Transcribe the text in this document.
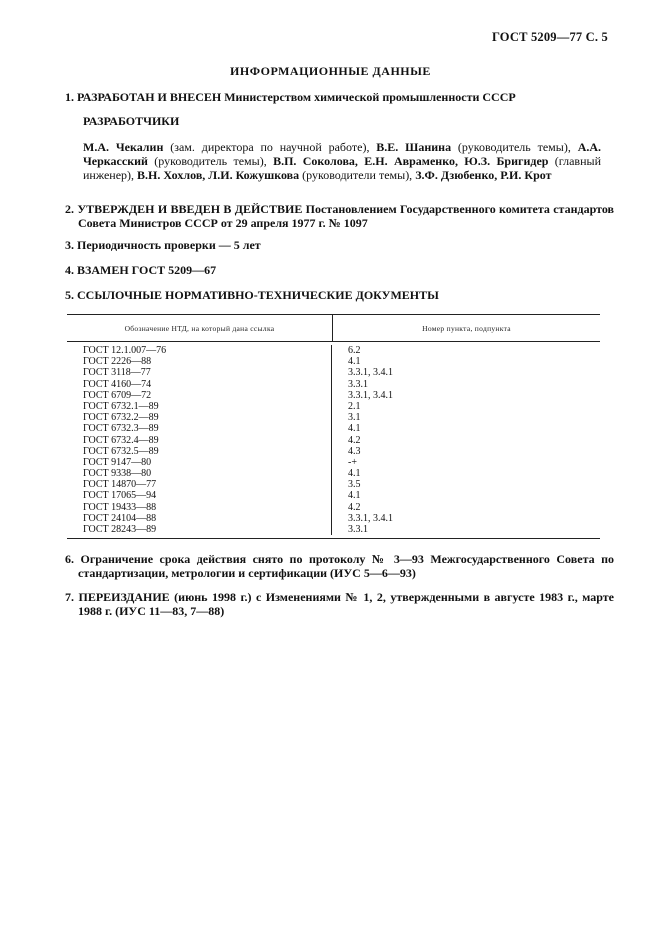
ГОСТ 5209—77 С. 5
ИНФОРМАЦИОННЫЕ ДАННЫЕ
1. РАЗРАБОТАН И ВНЕСЕН Министерством химической промышленности СССР
РАЗРАБОТЧИКИ
М.А. Чекалин (зам. директора по научной работе), В.Е. Шанина (руководитель темы), А.А. Черкасский (руководитель темы), В.П. Соколова, Е.Н. Авраменко, Ю.З. Бригидер (главный инженер), В.Н. Хохлов, Л.И. Кожушкова (руководители темы), З.Ф. Дзюбенко, Р.И. Крот
2. УТВЕРЖДЕН И ВВЕДЕН В ДЕЙСТВИЕ Постановлением Государственного комитета стандартов Совета Министров СССР от 29 апреля 1977 г. № 1097
3. Периодичность проверки — 5 лет
4. ВЗАМЕН ГОСТ 5209—67
5. ССЫЛОЧНЫЕ НОРМАТИВНО-ТЕХНИЧЕСКИЕ ДОКУМЕНТЫ
Обозначение НТД, на который дана ссылка	Номер пункта, подпункта
ГОСТ 12.1.007—76
ГОСТ 2226—88
ГОСТ 3118—77
ГОСТ 4160—74
ГОСТ 6709—72
ГОСТ 6732.1—89
ГОСТ 6732.2—89
ГОСТ 6732.3—89
ГОСТ 6732.4—89
ГОСТ 6732.5—89
ГОСТ 9147—80
ГОСТ 9338—80
ГОСТ 14870—77
ГОСТ 17065—94
ГОСТ 19433—88
ГОСТ 24104—88
ГОСТ 28243—89
6.2
4.1
3.3.1, 3.4.1
3.3.1
3.3.1, 3.4.1
2.1
3.1
4.1
4.2
4.3
-+
4.1
3.5
4.1
4.2
3.3.1, 3.4.1
3.3.1
6. Ограничение срока действия снято по протоколу № 3—93 Межгосударственного Совета по стандартизации, метрологии и сертификации (ИУС 5—6—93)
7. ПЕРЕИЗДАНИЕ (июнь 1998 г.) с Изменениями № 1, 2, утвержденными в августе 1983 г., марте 1988 г. (ИУС 11—83, 7—88)
